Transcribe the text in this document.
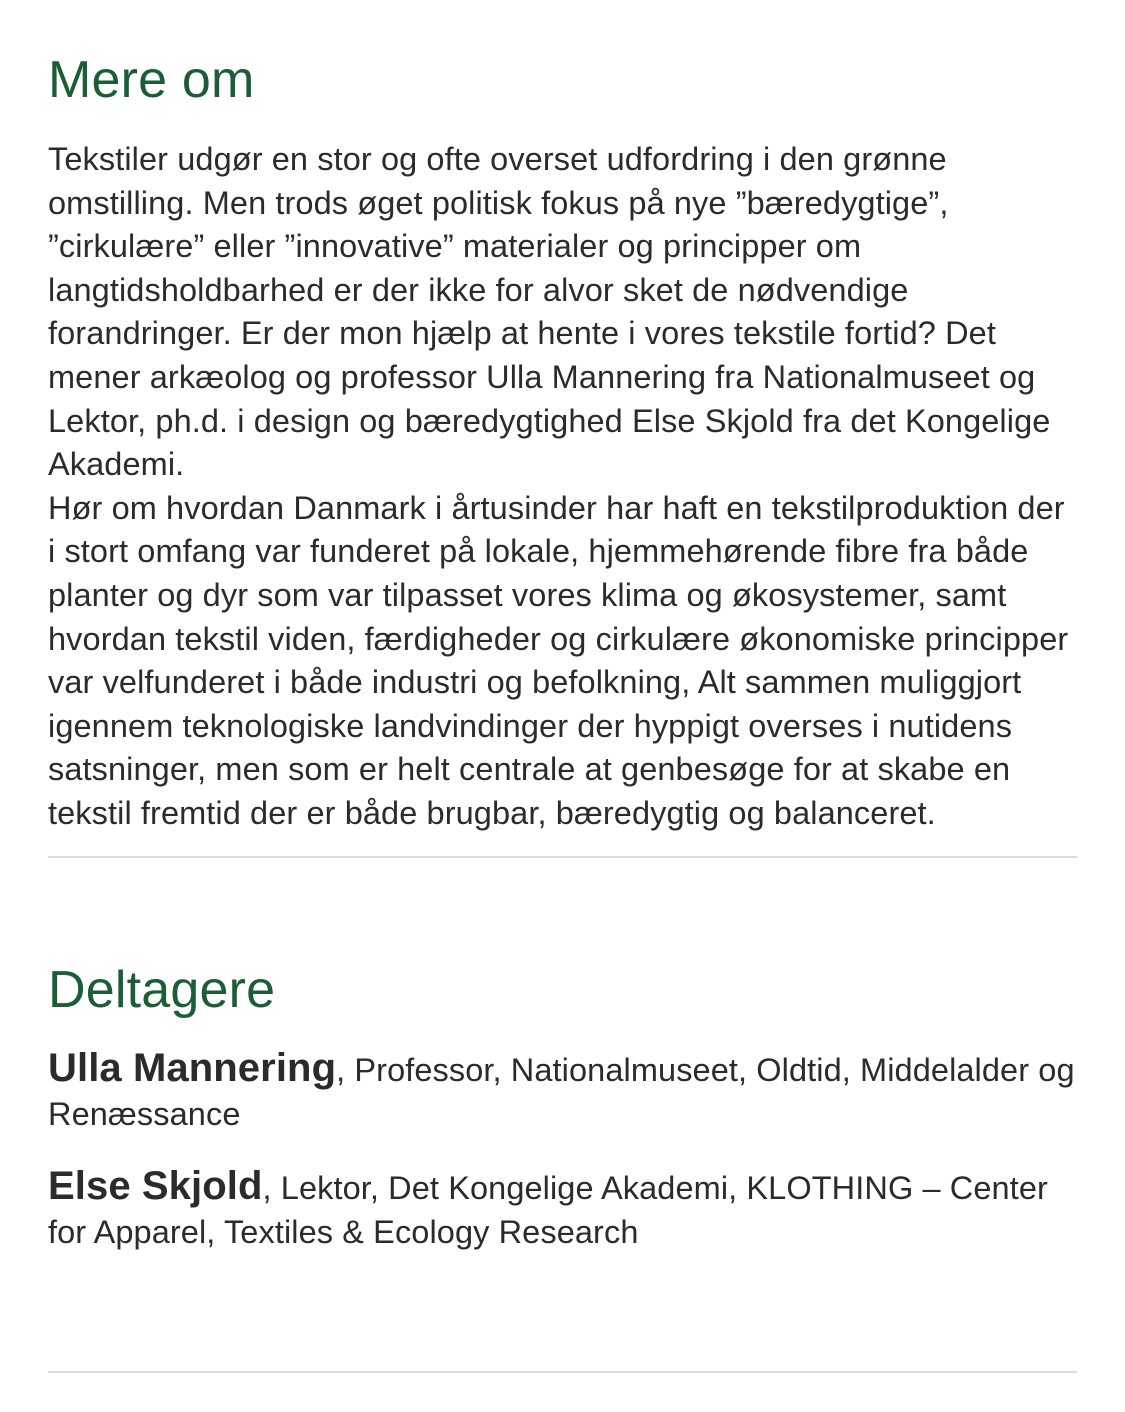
Mere om

Tekstiler udgør en stor og ofte overset udfordring i den grønne omstilling. Men trods øget politisk fokus på nye ”bæredygtige”, ”cirkulære” eller ”innovative” materialer og principper om langtidsholdbarhed er der ikke for alvor sket de nødvendige forandringer. Er der mon hjælp at hente i vores tekstile fortid? Det mener arkæolog og professor Ulla Mannering fra Nationalmuseet og Lektor, ph.d. i design og bæredygtighed Else Skjold fra det Kongelige Akademi.

Hør om hvordan Danmark i årtusinder har haft en tekstilproduktion der i stort omfang var funderet på lokale, hjemmehørende fibre fra både planter og dyr som var tilpasset vores klima og økosystemer, samt hvordan tekstil viden, færdigheder og cirkulære økonomiske principper var velfunderet i både industri og befolkning, Alt sammen muliggjort igennem teknologiske landvindinger der hyppigt overses i nutidens satsninger, men som er helt centrale at genbesøge for at skabe en tekstil fremtid der er både brugbar, bæredygtig og balanceret.

Deltagere

Ulla Mannering, Professor, Nationalmuseet, Oldtid, Middelalder og Renæssance

Else Skjold, Lektor, Det Kongelige Akademi, KLOTHING – Center for Apparel, Textiles & Ecology Research
